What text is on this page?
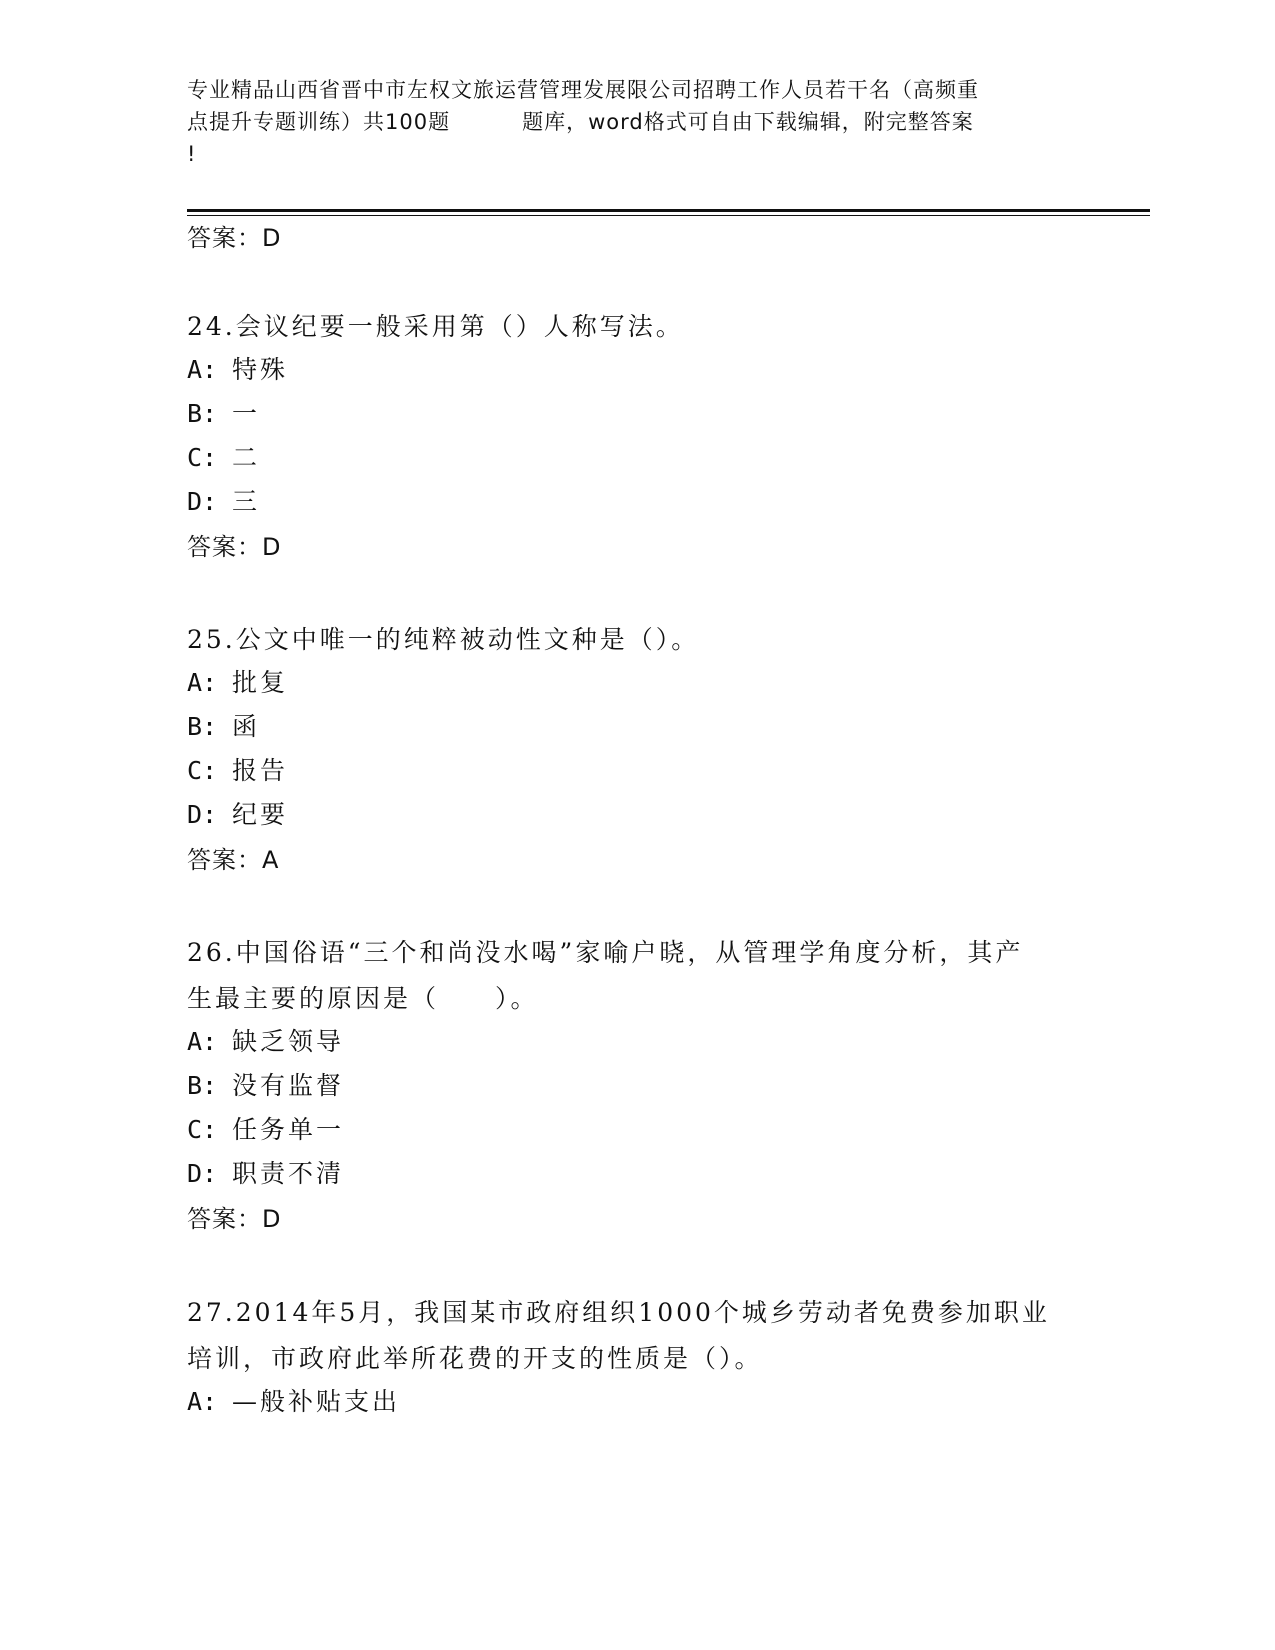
专业精品山西省晋中市左权文旅运营管理发展限公司招聘工作人员若干名（高频重
点提升专题训练）共100题	题库，word格式可自由下载编辑，附完整答案
!
答案：D
24.会议纪要一般采用第（）人称写法。
A: 特殊
B: 一
C: 二
D: 三
答案：D
25.公文中唯一的纯粹被动性文种是（）。
A: 批复
B: 函
C: 报告
D: 纪要
答案：A
26.中国俗语“三个和尚没水喝”家喻户晓，从管理学角度分析，其产
生最主要的原因是（　　）。
A: 缺乏领导
B: 没有监督
C: 任务单一
D: 职责不清
答案：D
27.2014年5月，我国某市政府组织1000个城乡劳动者免费参加职业
培训，市政府此举所花费的开支的性质是（）。
A: —般补贴支出
